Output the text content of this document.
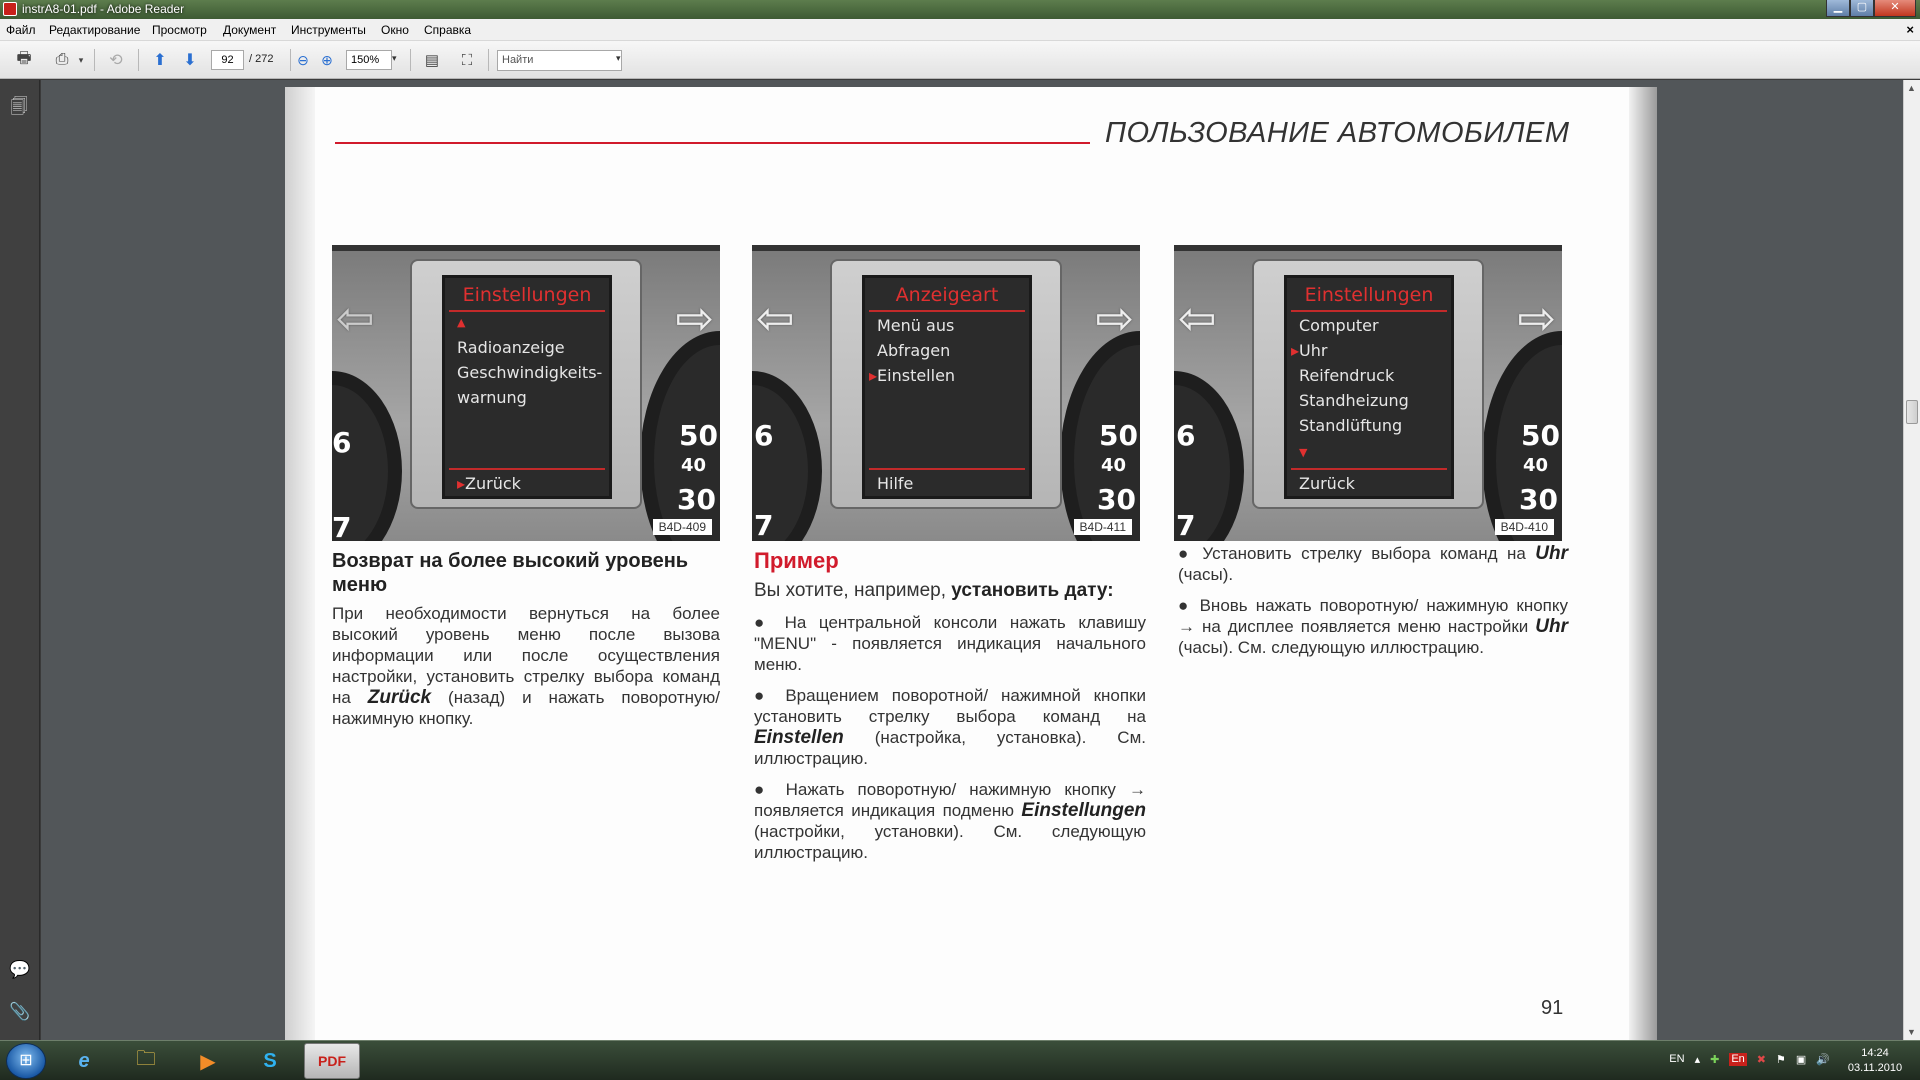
instrA8-01.pdf - Adobe Reader	▁	▢	✕
Файл Редактирование Просмотр Документ Инструменты Окно Справка	×
🖶	⎙	▾	⟲	⬆	⬇	92	/ 272	⊖ ⊕	150%	▾	▤	⛶	Найти	▾
🗐
💬
📎
ПОЛЬЗОВАНИЕ АВТОМОБИЛЕМ
6
7
50
40
30
⇦	⇨
Einstellungen
▲
Radioanzeige
Geschwindigkeits-
warnung
▸Zurück
B4D-409
6
7
50
40
30
⇦	⇨
Anzeigeart
Menü aus
Abfragen
▸Einstellen
Hilfe
B4D-411
6
7
50
40
30
⇦	⇨
Einstellungen
Computer
▸Uhr
Reifendruck
Standheizung
Standlüftung
▼
Zurück
B4D-410
Возврат на более высокий уровень меню

При необходимости вернуться на более высокий уровень меню после вызова информации или после осуществления настройки, установить стрелку выбора команд на Zurück (назад) и нажать поворотную/ нажимную кнопку.

Пример

Вы хотите, например, установить дату:

● На центральной консоли нажать клавишу "MENU" - появляется индикация начального меню.

● Вращением поворотной/ нажимной кнопки установить стрелку выбора команд на Einstellen (настройка, установка). См. иллюстрацию.

● Нажать поворотную/ нажимную кнопку → появляется индикация подменю Einstellungen (настройки, установки). См. следующую иллюстрацию.

● Установить стрелку выбора команд на Uhr (часы).

● Вновь нажать поворотную/ нажимную кнопку → на дисплее появляется меню настройки Uhr (часы). См. следующую иллюстрацию.

91
▲
▼
⊞	e	🗀	▶	S	PDF	EN ▴ ✚ En ✖ ⚑ ▣ 🔊
14:24
03.11.2010
